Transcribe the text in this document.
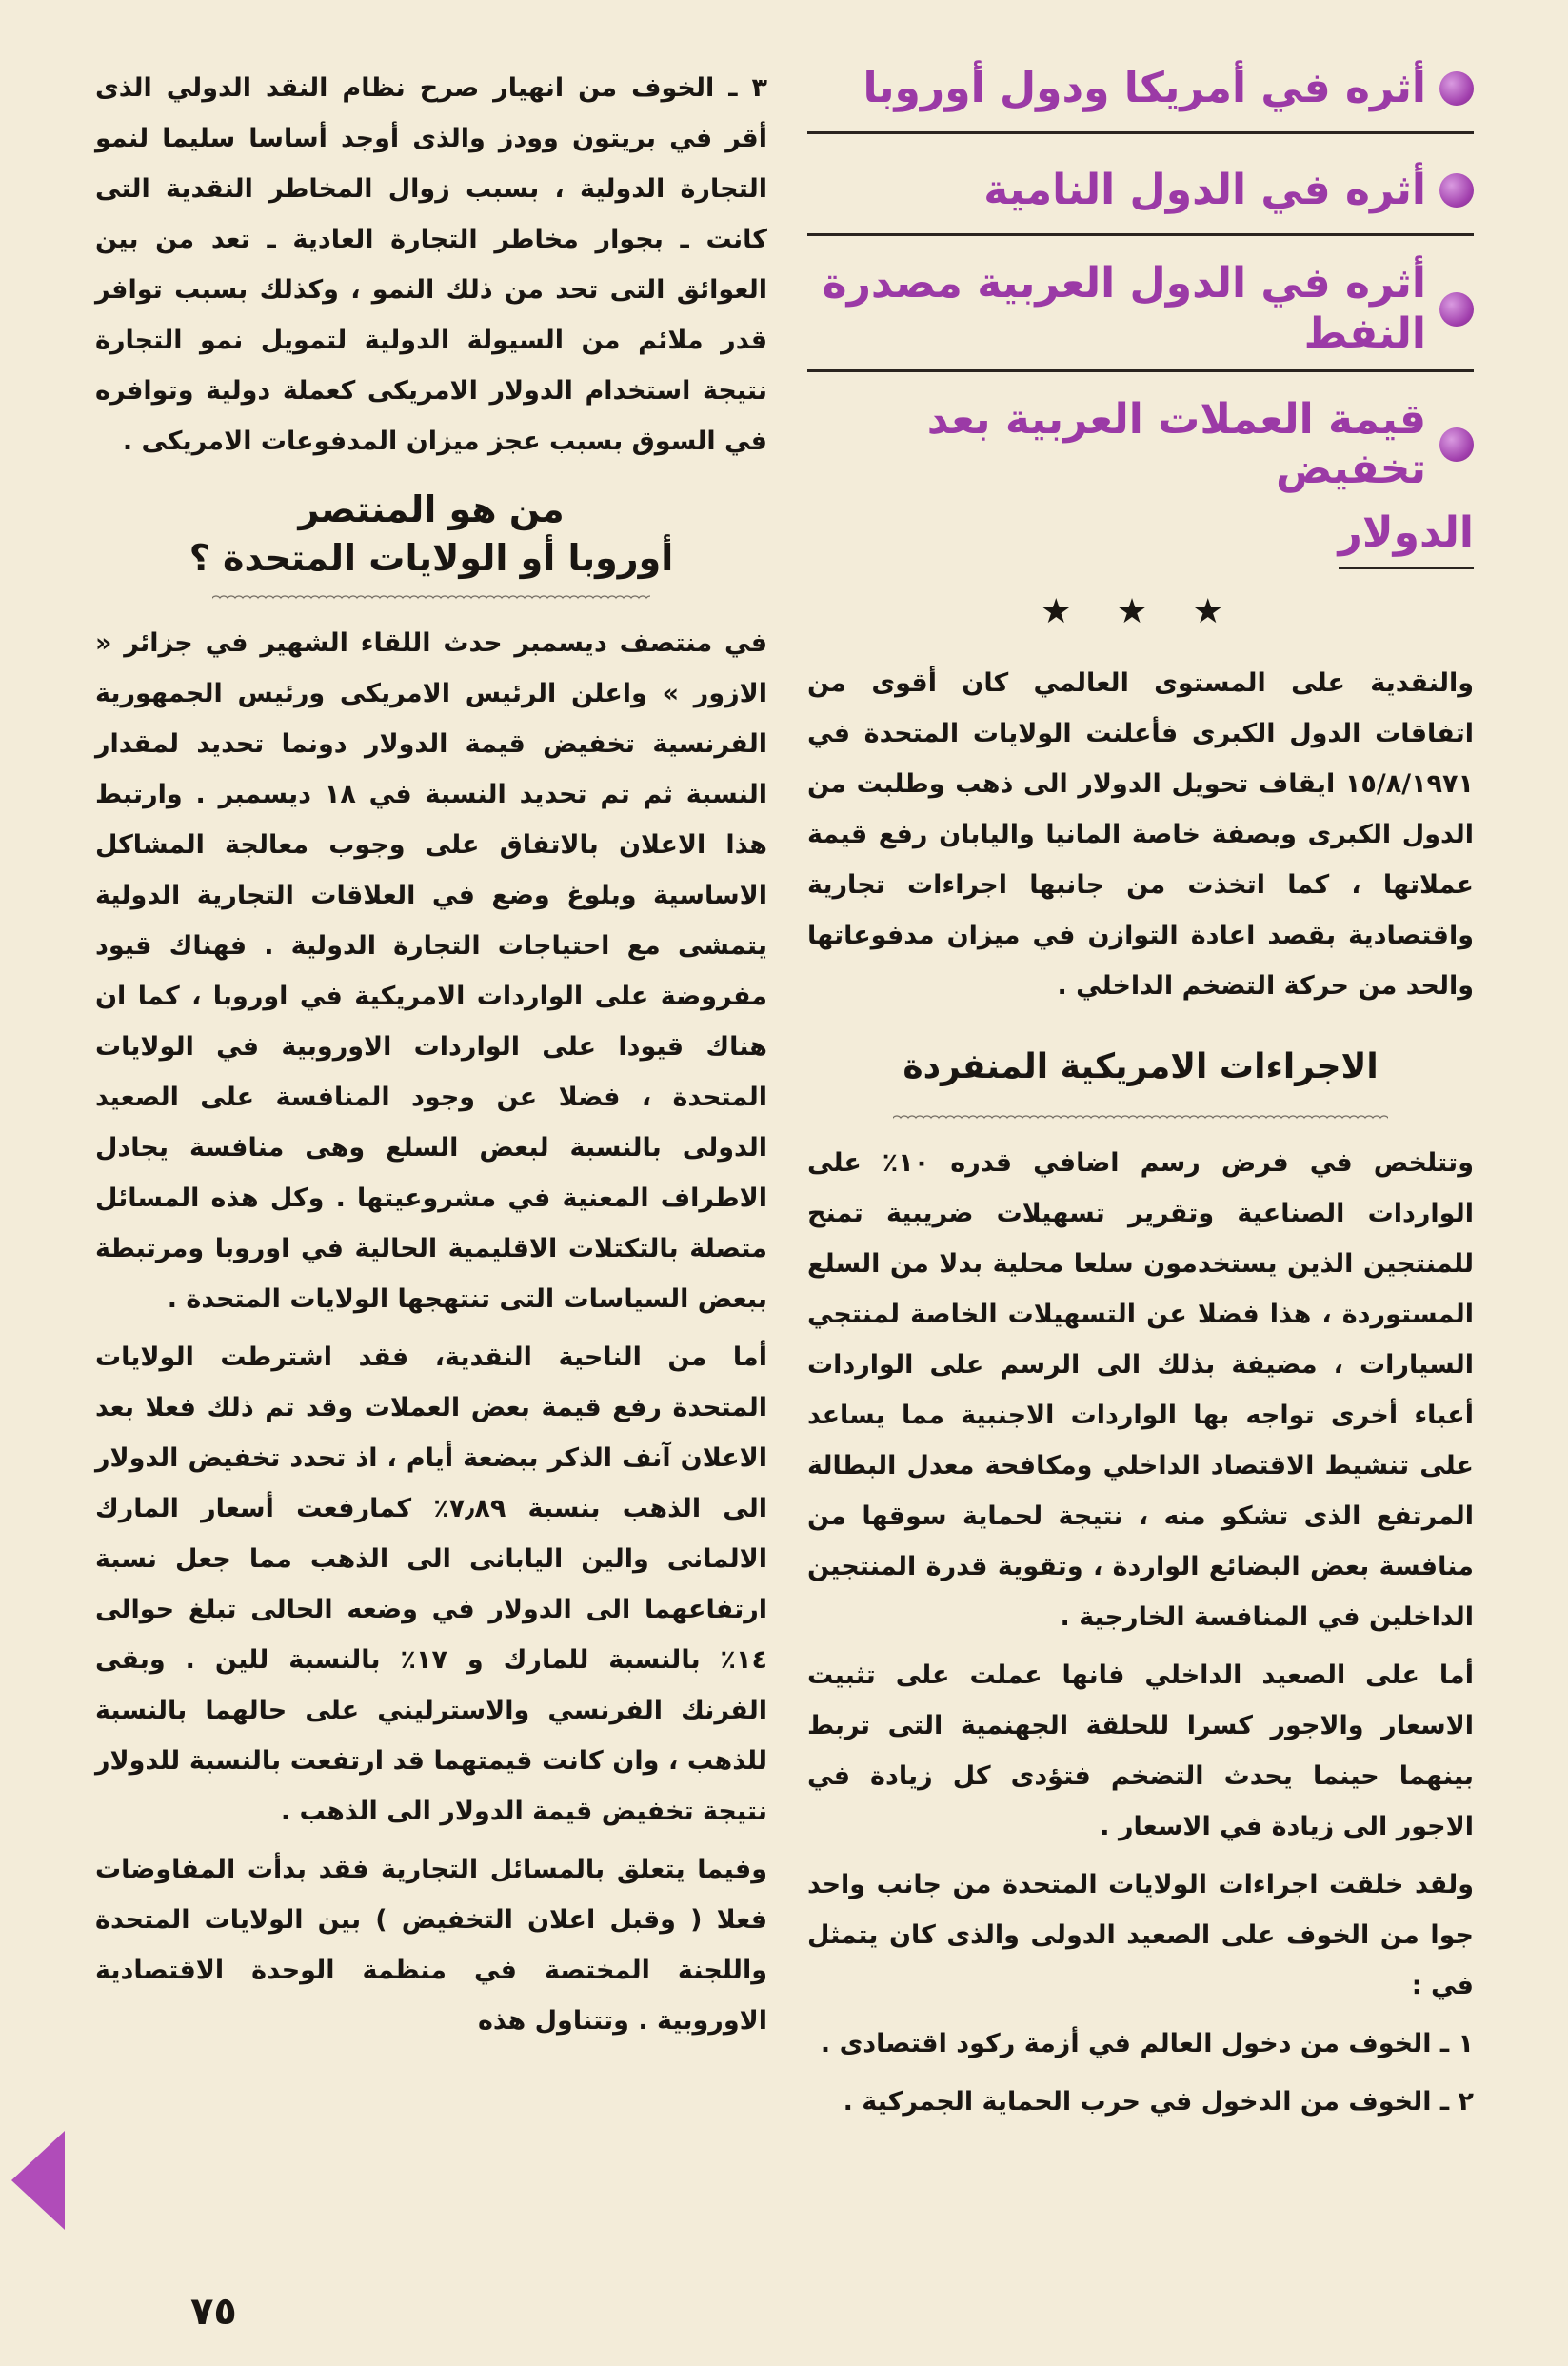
أثره في أمريكا ودول أوروبا
أثره في الدول النامية
أثره في الدول العربية مصدرة النفط
قيمة العملات العربية بعد تخفيض
الدولار
★ ★ ★

والنقدية على المستوى العالمي كان أقوى من اتفاقات الدول الكبرى فأعلنت الولايات المتحدة في ١٥/٨/١٩٧١ ايقاف تحويل الدولار الى ذهب وطلبت من الدول الكبرى وبصفة خاصة المانيا واليابان رفع قيمة عملاتها ، كما اتخذت من جانبها اجراءات تجارية واقتصادية بقصد اعادة التوازن في ميزان مدفوعاتها والحد من حركة التضخم الداخلي .

الاجراءات الامريكية المنفردة

وتتلخص في فرض رسم اضافي قدره ١٠٪ على الواردات الصناعية وتقرير تسهيلات ضريبية تمنح للمنتجين الذين يستخدمون سلعا محلية بدلا من السلع المستوردة ، هذا فضلا عن التسهيلات الخاصة لمنتجي السيارات ، مضيفة بذلك الى الرسم على الواردات أعباء أخرى تواجه بها الواردات الاجنبية مما يساعد على تنشيط الاقتصاد الداخلي ومكافحة معدل البطالة المرتفع الذى تشكو منه ، نتيجة لحماية سوقها من منافسة بعض البضائع الواردة ، وتقوية قدرة المنتجين الداخلين في المنافسة الخارجية .

أما على الصعيد الداخلي فانها عملت على تثبيت الاسعار والاجور كسرا للحلقة الجهنمية التى تربط بينهما حينما يحدث التضخم فتؤدى كل زيادة في الاجور الى زيادة في الاسعار .

ولقد خلقت اجراءات الولايات المتحدة من جانب واحد جوا من الخوف على الصعيد الدولى والذى كان يتمثل في :

١ ـ الخوف من دخول العالم في أزمة ركود اقتصادى .

٢ ـ الخوف من الدخول في حرب الحماية الجمركية .

٣ ـ الخوف من انهيار صرح نظام النقد الدولي الذى أقر في بريتون وودز والذى أوجد أساسا سليما لنمو التجارة الدولية ، بسبب زوال المخاطر النقدية التى كانت ـ بجوار مخاطر التجارة العادية ـ تعد من بين العوائق التى تحد من ذلك النمو ، وكذلك بسبب توافر قدر ملائم من السيولة الدولية لتمويل نمو التجارة نتيجة استخدام الدولار الامريكى كعملة دولية وتوافره في السوق بسبب عجز ميزان المدفوعات الامريكى .

من هو المنتصر
أوروبا أو الولايات المتحدة ؟

في منتصف ديسمبر حدث اللقاء الشهير في جزائر « الازور » واعلن الرئيس الامريكى ورئيس الجمهورية الفرنسية تخفيض قيمة الدولار دونما تحديد لمقدار النسبة ثم تم تحديد النسبة في ١٨ ديسمبر . وارتبط هذا الاعلان بالاتفاق على وجوب معالجة المشاكل الاساسية وبلوغ وضع في العلاقات التجارية الدولية يتمشى مع احتياجات التجارة الدولية . فهناك قيود مفروضة على الواردات الامريكية في اوروبا ، كما ان هناك قيودا على الواردات الاوروبية في الولايات المتحدة ، فضلا عن وجود المنافسة على الصعيد الدولى بالنسبة لبعض السلع وهى منافسة يجادل الاطراف المعنية في مشروعيتها . وكل هذه المسائل متصلة بالتكتلات الاقليمية الحالية في اوروبا ومرتبطة ببعض السياسات التى تنتهجها الولايات المتحدة .

أما من الناحية النقدية، فقد اشترطت الولايات المتحدة رفع قيمة بعض العملات وقد تم ذلك فعلا بعد الاعلان آنف الذكر ببضعة أيام ، اذ تحدد تخفيض الدولار الى الذهب بنسبة ٧٫٨٩٪ كمارفعت أسعار المارك الالمانى والين اليابانى الى الذهب مما جعل نسبة ارتفاعهما الى الدولار في وضعه الحالى تبلغ حوالى ١٤٪ بالنسبة للمارك و ١٧٪ بالنسبة للين . وبقى الفرنك الفرنسي والاسترليني على حالهما بالنسبة للذهب ، وان كانت قيمتهما قد ارتفعت بالنسبة للدولار نتيجة تخفيض قيمة الدولار الى الذهب .

وفيما يتعلق بالمسائل التجارية فقد بدأت المفاوضات فعلا ( وقبل اعلان التخفيض ) بين الولايات المتحدة واللجنة المختصة في منظمة الوحدة الاقتصادية الاوروبية . وتتناول هذه

٧٥
